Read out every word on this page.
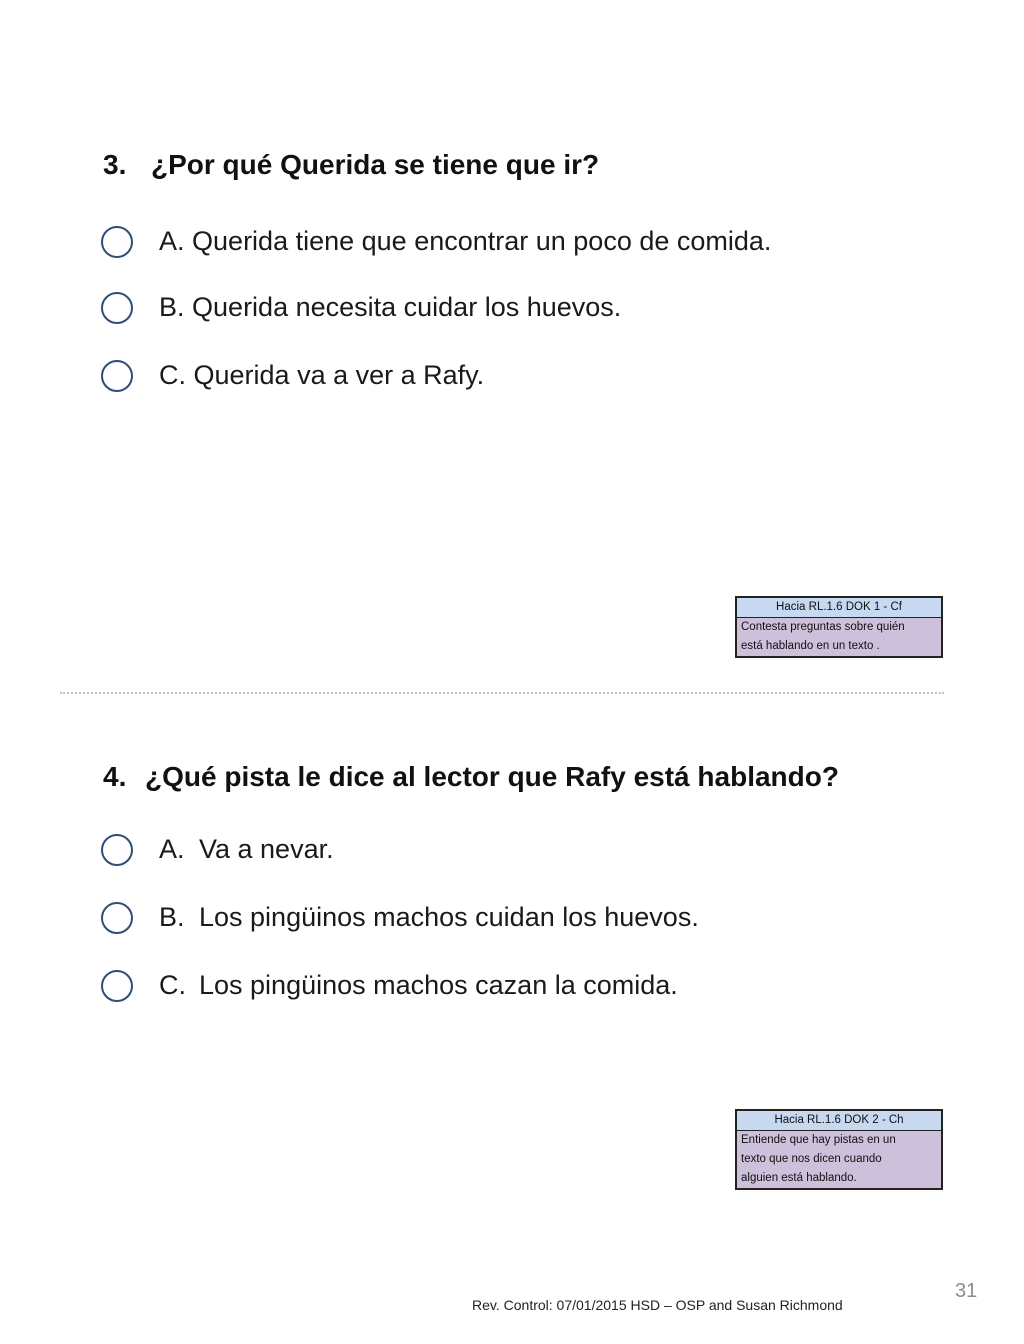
3. ¿Por qué Querida se tiene que ir?
A. Querida tiene que encontrar un poco de comida.
B. Querida necesita cuidar los huevos.
C. Querida va a ver a Rafy.
Hacia RL.1.6 DOK 1 - Cf
Contesta preguntas sobre quién
está hablando en un texto .
4. ¿Qué pista le dice al lector que Rafy está hablando?
A. Va a nevar.
B. Los pingüinos machos cuidan los huevos.
C. Los pingüinos machos cazan la comida.
Hacia RL.1.6 DOK 2 - Ch
Entiende que hay pistas en un
texto que nos dicen cuando
alguien está hablando.
31
Rev. Control: 07/01/2015 HSD – OSP and Susan Richmond
